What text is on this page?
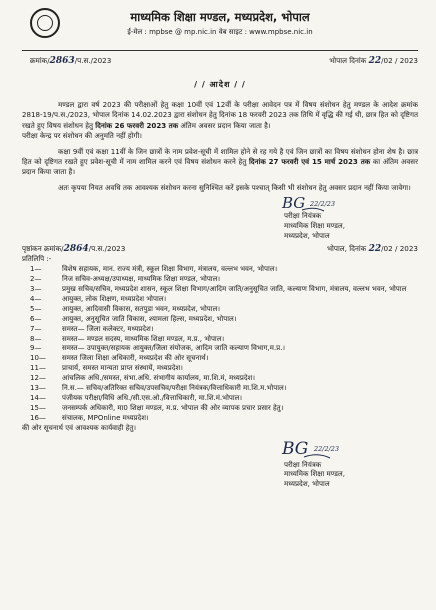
माध्यमिक शिक्षा मण्डल, मध्यप्रदेश, भोपाल
ई-मेल : mpbse @ mp.nic.in वेब साइट : www.mpbse.nic.in
क्रमांक/2863/प.स./2023	भोपाल दिनांक 22/02 / 2023
/ / आदेश / /

मण्डल द्वारा वर्ष 2023 की परीक्षाओं हेतु कक्षा 10वीं एवं 12वीं के परीक्षा आवेदन पत्र में विषय संशोधन हेतु मण्डल के आदेश क्रमांक 2818-19/प.स./2023, भोपाल दिनांक 14.02.2023 द्वारा संशोधन हेतु दिनांक 18 फरवरी 2023 तक तिथि में वृद्धि की गई थी, छात्र हित को दृष्टिगत रखते हुए विषय संशोधन हेतु दिनांक 26 फरवरी 2023 तक अंतिम अवसर प्रदान किया जाता है।

परीक्षा केन्द्र पर संशोधन की अनुमति नहीं होगी।

कक्षा 9वीं एवं कक्षा 11वीं के जिन छात्रों के नाम प्रवेश-सूची में शामिल होने से रह गये है एवं जिन छात्रों का विषय संशोधन होना शेष है। छात्र हित को दृष्टिगत रखते हुए प्रवेश-सूची में नाम शामिल करने एवं विषय संशोधन करने हेतु दिनांक 27 फरवरी एवं 15 मार्च 2023 तक का अंतिम अवसर प्रदान किया जाता है।

अतः कृपया नियत अवधि तक आवश्यक संशोधन करना सुनिश्चित करें इसके पश्चात् किसी भी संशोधन हेतु अवसर प्रदान नहीं किया जावेगा।

BG 22/2/23
परीक्षा नियंत्रक
माध्यमिक शिक्षा मण्डल,
मध्यप्रदेश, भोपाल
पृष्ठांकन क्रमांक/2864/प.स./2023	भोपाल, दिनांक 22/02 / 2023
प्रतिलिपि :-
1—	विशेष सहायक, मान. राज्य मंत्री, स्कूल शिक्षा विभाग, मंत्रालय, वल्लभ भवन, भोपाल।
2—	निज सचिव-अध्यक्ष/उपाध्यक्ष, माध्यमिक शिक्षा मण्डल, भोपाल।
3—	प्रमुख सचिव/सचिव, मध्यप्रदेश शासन, स्कूल शिक्षा विभाग/आदिम जाति/अनुसूचित जाति, कल्याण विभाग, मंत्रालय, वल्लभ भवन, भोपाल
4—	आयुक्त, लोक शिक्षण, मध्यप्रदेश भोपाल।
5—	आयुक्त, आदिवासी विकास, सतपुडा भवन, मध्यप्रदेश, भोपाल।
6—	आयुक्त, अनुसूचित जाति विकास, श्यामला हिल्स, मध्यप्रदेश, भोपाल।
7—	समस्त— जिला कलेक्टर, मध्यप्रदेश।
8—	समस्त— मण्डल सदस्य, माध्यमिक शिक्षा मण्डल, म.प्र., भोपाल।
9—	समस्त— उपायुक्त/सहायक आयुक्त/जिला संयोजक, आदिम जाति कल्याण विभाग,म.प्र.।
10—	समस्त जिला शिक्षा अधिकारी, मध्यप्रदेश की ओर सूचनार्थ।
11—	प्राचार्य, समस्त मान्यता प्राप्त संस्थायें, मध्यप्रदेश।
12—	आंचलिक अधि./समस्त, संभा.अधि. संभागीय कार्यालय, मा.शि.मं, मध्यप्रदेश।
13—	नि.स.— सचिव/अतिरिक्त सचिव/उपसचिव/परीक्षा नियंत्रक/वित्ताधिकारी मा.शि.म.भोपाल।
14—	पंजीयक परीक्षा/विधि अधि./सी.एस.ओ./वित्ताधिकारी, मा.शि.मं.भोपाल।
15—	जनसम्पर्क अधिकारी, मा0 शिक्षा मण्डल, म.प्र. भोपाल की ओर व्यापक प्रचार प्रसार हेतु।
16—	संचालक, MPOnline मध्यप्रदेश।
की ओर सूचनार्थ एवं आवश्यक कार्यवाही हेतु।
BG 22/2/23
परीक्षा नियंत्रक
माध्यमिक शिक्षा मण्डल,
मध्यप्रदेश, भोपाल
